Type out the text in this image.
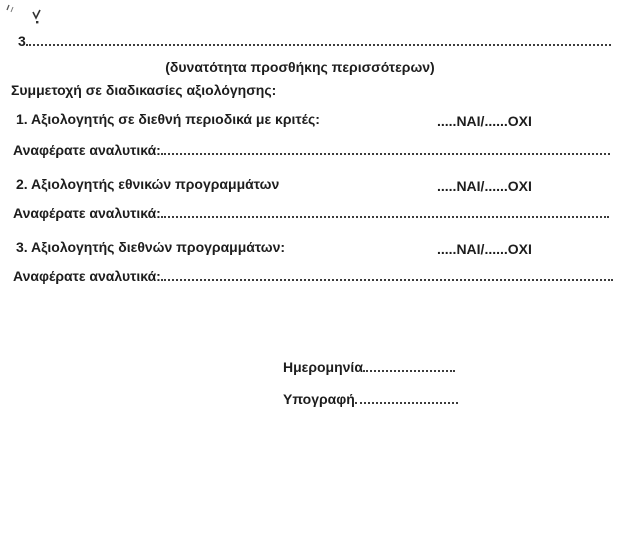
3
(δυνατότητα προσθήκης περισσότερων)
Συμμετοχή σε διαδικασίες αξιολόγησης:
1. Αξιολογητής σε διεθνή περιοδικά με κριτές:	.....ΝΑΙ/......ΟΧΙ
Αναφέρατε αναλυτικά:
2. Αξιολογητής εθνικών προγραμμάτων	.....ΝΑΙ/......ΟΧΙ
Αναφέρατε αναλυτικά:
3. Αξιολογητής διεθνών προγραμμάτων:	.....ΝΑΙ/......ΟΧΙ
Αναφέρατε αναλυτικά:
Ημερομηνία
Υπογραφή
